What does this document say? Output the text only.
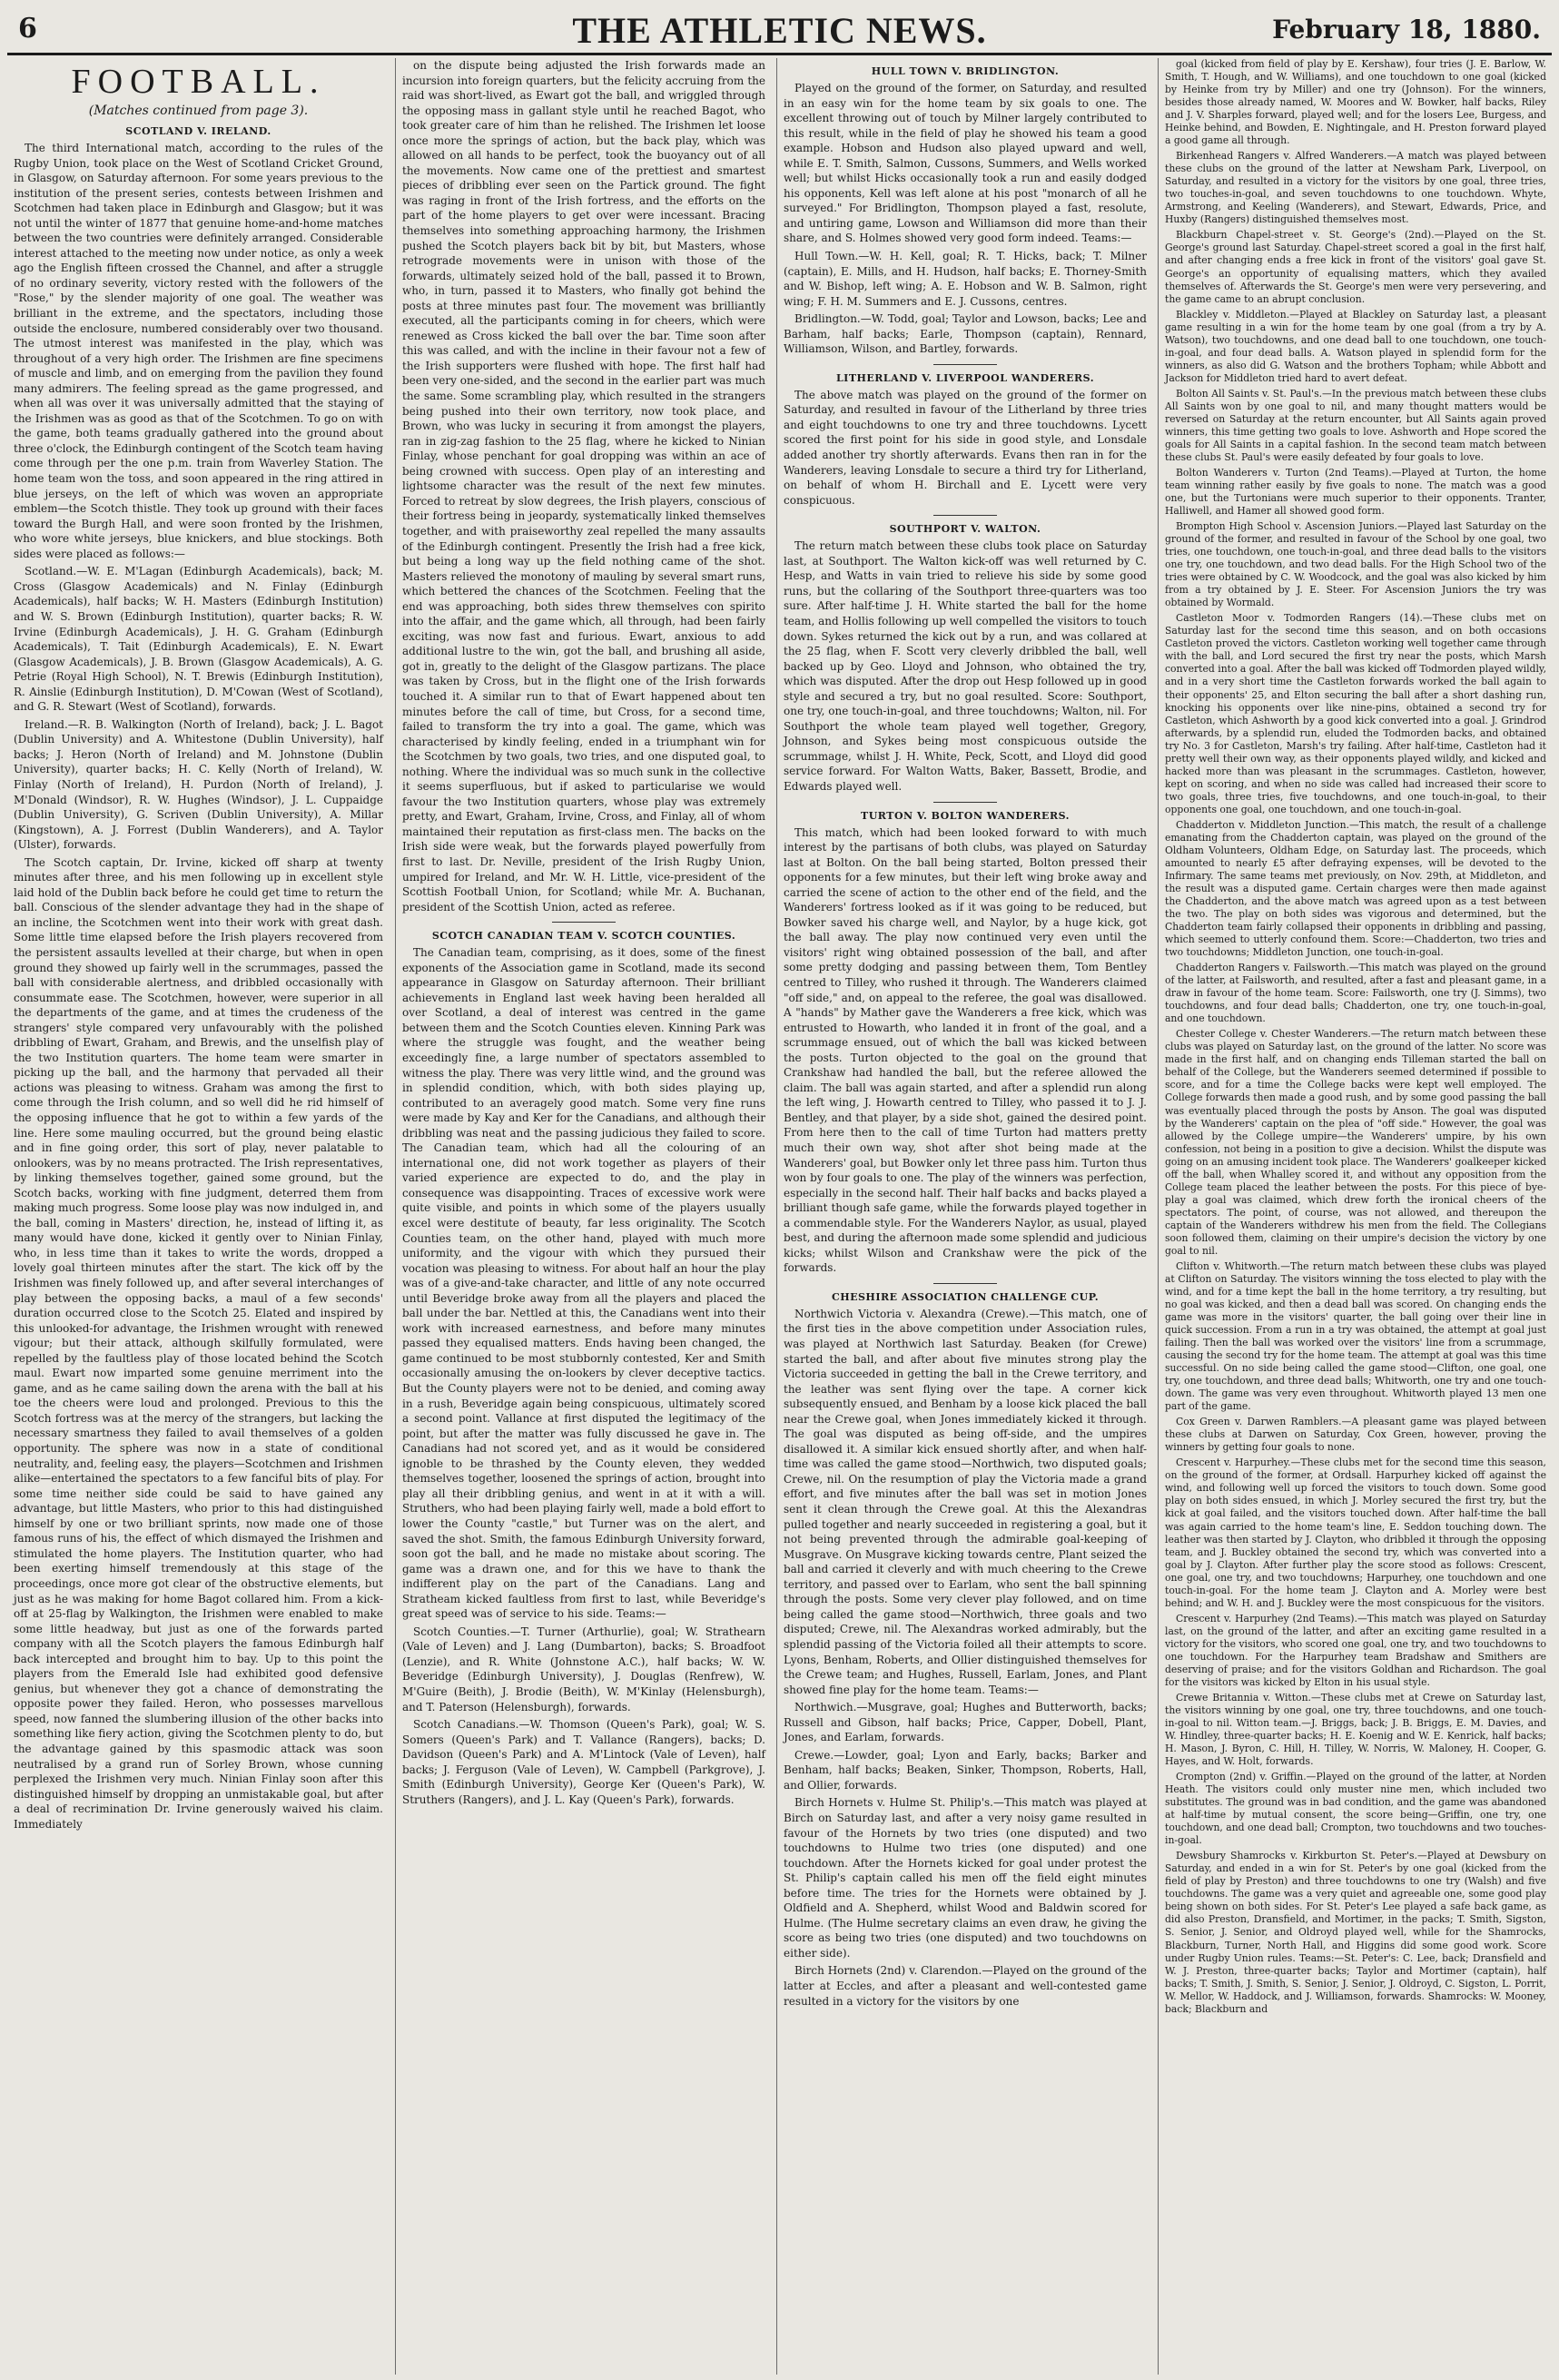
6	THE ATHLETIC NEWS.	February 18, 1880.
FOOTBALL.
(Matches continued from page 3).
SCOTLAND V. IRELAND.

The third International match, according to the rules of the Rugby Union, took place on the West of Scotland Cricket Ground, in Glasgow, on Saturday afternoon. For some years previous to the institution of the present series, contests between Irishmen and Scotchmen had taken place in Edinburgh and Glasgow; but it was not until the winter of 1877 that genuine home-and-home matches between the two countries were definitely arranged. Considerable interest attached to the meeting now under notice, as only a week ago the English fifteen crossed the Channel, and after a struggle of no ordinary severity, victory rested with the followers of the "Rose," by the slender majority of one goal. The weather was brilliant in the extreme, and the spectators, including those outside the enclosure, numbered considerably over two thousand. The utmost interest was manifested in the play, which was throughout of a very high order. The Irishmen are fine specimens of muscle and limb, and on emerging from the pavilion they found many admirers. The feeling spread as the game progressed, and when all was over it was universally admitted that the staying of the Irishmen was as good as that of the Scotchmen. To go on with the game, both teams gradually gathered into the ground about three o'clock, the Edinburgh contingent of the Scotch team having come through per the one p.m. train from Waverley Station. The home team won the toss, and soon appeared in the ring attired in blue jerseys, on the left of which was woven an appropriate emblem—the Scotch thistle. They took up ground with their faces toward the Burgh Hall, and were soon fronted by the Irishmen, who wore white jerseys, blue knickers, and blue stockings. Both sides were placed as follows:—

Scotland.—W. E. M'Lagan (Edinburgh Academicals), back; M. Cross (Glasgow Academicals) and N. Finlay (Edinburgh Academicals), half backs; W. H. Masters (Edinburgh Institution) and W. S. Brown (Edinburgh Institution), quarter backs; R. W. Irvine (Edinburgh Academicals), J. H. G. Graham (Edinburgh Academicals), T. Tait (Edinburgh Academicals), E. N. Ewart (Glasgow Academicals), J. B. Brown (Glasgow Academicals), A. G. Petrie (Royal High School), N. T. Brewis (Edinburgh Institution), R. Ainslie (Edinburgh Institution), D. M'Cowan (West of Scotland), and G. R. Stewart (West of Scotland), forwards.

Ireland.—R. B. Walkington (North of Ireland), back; J. L. Bagot (Dublin University) and A. Whitestone (Dublin University), half backs; J. Heron (North of Ireland) and M. Johnstone (Dublin University), quarter backs; H. C. Kelly (North of Ireland), W. Finlay (North of Ireland), H. Purdon (North of Ireland), J. M'Donald (Windsor), R. W. Hughes (Windsor), J. L. Cuppaidge (Dublin University), G. Scriven (Dublin University), A. Millar (Kingstown), A. J. Forrest (Dublin Wanderers), and A. Taylor (Ulster), forwards.

The Scotch captain, Dr. Irvine, kicked off sharp at twenty minutes after three, and his men following up in excellent style laid hold of the Dublin back before he could get time to return the ball. Conscious of the slender advantage they had in the shape of an incline, the Scotchmen went into their work with great dash. Some little time elapsed before the Irish players recovered from the persistent assaults levelled at their charge, but when in open ground they showed up fairly well in the scrummages, passed the ball with considerable alertness, and dribbled occasionally with consummate ease. The Scotchmen, however, were superior in all the departments of the game, and at times the crudeness of the strangers' style compared very unfavourably with the polished dribbling of Ewart, Graham, and Brewis, and the unselfish play of the two Institution quarters. The home team were smarter in picking up the ball, and the harmony that pervaded all their actions was pleasing to witness. Graham was among the first to come through the Irish column, and so well did he rid himself of the opposing influence that he got to within a few yards of the line. Here some mauling occurred, but the ground being elastic and in fine going order, this sort of play, never palatable to onlookers, was by no means protracted. The Irish representatives, by linking themselves together, gained some ground, but the Scotch backs, working with fine judgment, deterred them from making much progress. Some loose play was now indulged in, and the ball, coming in Masters' direction, he, instead of lifting it, as many would have done, kicked it gently over to Ninian Finlay, who, in less time than it takes to write the words, dropped a lovely goal thirteen minutes after the start. The kick off by the Irishmen was finely followed up, and after several interchanges of play between the opposing backs, a maul of a few seconds' duration occurred close to the Scotch 25. Elated and inspired by this unlooked-for advantage, the Irishmen wrought with renewed vigour; but their attack, although skilfully formulated, were repelled by the faultless play of those located behind the Scotch maul. Ewart now imparted some genuine merriment into the game, and as he came sailing down the arena with the ball at his toe the cheers were loud and prolonged. Previous to this the Scotch fortress was at the mercy of the strangers, but lacking the necessary smartness they failed to avail themselves of a golden opportunity. The sphere was now in a state of conditional neutrality, and, feeling easy, the players—Scotchmen and Irishmen alike—entertained the spectators to a few fanciful bits of play. For some time neither side could be said to have gained any advantage, but little Masters, who prior to this had distinguished himself by one or two brilliant sprints, now made one of those famous runs of his, the effect of which dismayed the Irishmen and stimulated the home players. The Institution quarter, who had been exerting himself tremendously at this stage of the proceedings, once more got clear of the obstructive elements, but just as he was making for home Bagot collared him. From a kick-off at 25-flag by Walkington, the Irishmen were enabled to make some little headway, but just as one of the forwards parted company with all the Scotch players the famous Edinburgh half back intercepted and brought him to bay. Up to this point the players from the Emerald Isle had exhibited good defensive genius, but whenever they got a chance of demonstrating the opposite power they failed. Heron, who possesses marvellous speed, now fanned the slumbering illusion of the other backs into something like fiery action, giving the Scotchmen plenty to do, but the advantage gained by this spasmodic attack was soon neutralised by a grand run of Sorley Brown, whose cunning perplexed the Irishmen very much. Ninian Finlay soon after this distinguished himself by dropping an unmistakable goal, but after a deal of recrimination Dr. Irvine generously waived his claim. Immediately

on the dispute being adjusted the Irish forwards made an incursion into foreign quarters, but the felicity accruing from the raid was short-lived, as Ewart got the ball, and wriggled through the opposing mass in gallant style until he reached Bagot, who took greater care of him than he relished. The Irishmen let loose once more the springs of action, but the back play, which was allowed on all hands to be perfect, took the buoyancy out of all the movements. Now came one of the prettiest and smartest pieces of dribbling ever seen on the Partick ground. The fight was raging in front of the Irish fortress, and the efforts on the part of the home players to get over were incessant. Bracing themselves into something approaching harmony, the Irishmen pushed the Scotch players back bit by bit, but Masters, whose retrograde movements were in unison with those of the forwards, ultimately seized hold of the ball, passed it to Brown, who, in turn, passed it to Masters, who finally got behind the posts at three minutes past four. The movement was brilliantly executed, all the participants coming in for cheers, which were renewed as Cross kicked the ball over the bar. Time soon after this was called, and with the incline in their favour not a few of the Irish supporters were flushed with hope. The first half had been very one-sided, and the second in the earlier part was much the same. Some scrambling play, which resulted in the strangers being pushed into their own territory, now took place, and Brown, who was lucky in securing it from amongst the players, ran in zig-zag fashion to the 25 flag, where he kicked to Ninian Finlay, whose penchant for goal dropping was within an ace of being crowned with success. Open play of an interesting and lightsome character was the result of the next few minutes. Forced to retreat by slow degrees, the Irish players, conscious of their fortress being in jeopardy, systematically linked themselves together, and with praiseworthy zeal repelled the many assaults of the Edinburgh contingent. Presently the Irish had a free kick, but being a long way up the field nothing came of the shot. Masters relieved the monotony of mauling by several smart runs, which bettered the chances of the Scotchmen. Feeling that the end was approaching, both sides threw themselves con spirito into the affair, and the game which, all through, had been fairly exciting, was now fast and furious. Ewart, anxious to add additional lustre to the win, got the ball, and brushing all aside, got in, greatly to the delight of the Glasgow partizans. The place was taken by Cross, but in the flight one of the Irish forwards touched it. A similar run to that of Ewart happened about ten minutes before the call of time, but Cross, for a second time, failed to transform the try into a goal. The game, which was characterised by kindly feeling, ended in a triumphant win for the Scotchmen by two goals, two tries, and one disputed goal, to nothing. Where the individual was so much sunk in the collective it seems superfluous, but if asked to particularise we would favour the two Institution quarters, whose play was extremely pretty, and Ewart, Graham, Irvine, Cross, and Finlay, all of whom maintained their reputation as first-class men. The backs on the Irish side were weak, but the forwards played powerfully from first to last. Dr. Neville, president of the Irish Rugby Union, umpired for Ireland, and Mr. W. H. Little, vice-president of the Scottish Football Union, for Scotland; while Mr. A. Buchanan, president of the Scottish Union, acted as referee.

SCOTCH CANADIAN TEAM V. SCOTCH COUNTIES.

The Canadian team, comprising, as it does, some of the finest exponents of the Association game in Scotland, made its second appearance in Glasgow on Saturday afternoon. Their brilliant achievements in England last week having been heralded all over Scotland, a deal of interest was centred in the game between them and the Scotch Counties eleven. Kinning Park was where the struggle was fought, and the weather being exceedingly fine, a large number of spectators assembled to witness the play. There was very little wind, and the ground was in splendid condition, which, with both sides playing up, contributed to an averagely good match. Some very fine runs were made by Kay and Ker for the Canadians, and although their dribbling was neat and the passing judicious they failed to score. The Canadian team, which had all the colouring of an international one, did not work together as players of their varied experience are expected to do, and the play in consequence was disappointing. Traces of excessive work were quite visible, and points in which some of the players usually excel were destitute of beauty, far less originality. The Scotch Counties team, on the other hand, played with much more uniformity, and the vigour with which they pursued their vocation was pleasing to witness. For about half an hour the play was of a give-and-take character, and little of any note occurred until Beveridge broke away from all the players and placed the ball under the bar. Nettled at this, the Canadians went into their work with increased earnestness, and before many minutes passed they equalised matters. Ends having been changed, the game continued to be most stubbornly contested, Ker and Smith occasionally amusing the on-lookers by clever deceptive tactics. But the County players were not to be denied, and coming away in a rush, Beveridge again being conspicuous, ultimately scored a second point. Vallance at first disputed the legitimacy of the point, but after the matter was fully discussed he gave in. The Canadians had not scored yet, and as it would be considered ignoble to be thrashed by the County eleven, they wedded themselves together, loosened the springs of action, brought into play all their dribbling genius, and went in at it with a will. Struthers, who had been playing fairly well, made a bold effort to lower the County "castle," but Turner was on the alert, and saved the shot. Smith, the famous Edinburgh University forward, soon got the ball, and he made no mistake about scoring. The game was a drawn one, and for this we have to thank the indifferent play on the part of the Canadians. Lang and Stratheam kicked faultless from first to last, while Beveridge's great speed was of service to his side. Teams:—

Scotch Counties.—T. Turner (Arthurlie), goal; W. Strathearn (Vale of Leven) and J. Lang (Dumbarton), backs; S. Broadfoot (Lenzie), and R. White (Johnstone A.C.), half backs; W. W. Beveridge (Edinburgh University), J. Douglas (Renfrew), W. M'Guire (Beith), J. Brodie (Beith), W. M'Kinlay (Helensburgh), and T. Paterson (Helensburgh), forwards.

Scotch Canadians.—W. Thomson (Queen's Park), goal; W. S. Somers (Queen's Park) and T. Vallance (Rangers), backs; D. Davidson (Queen's Park) and A. M'Lintock (Vale of Leven), half backs; J. Ferguson (Vale of Leven), W. Campbell (Parkgrove), J. Smith (Edinburgh University), George Ker (Queen's Park), W. Struthers (Rangers), and J. L. Kay (Queen's Park), forwards.

HULL TOWN V. BRIDLINGTON.

Played on the ground of the former, on Saturday, and resulted in an easy win for the home team by six goals to one. The excellent throwing out of touch by Milner largely contributed to this result, while in the field of play he showed his team a good example. Hobson and Hudson also played upward and well, while E. T. Smith, Salmon, Cussons, Summers, and Wells worked well; but whilst Hicks occasionally took a run and easily dodged his opponents, Kell was left alone at his post "monarch of all he surveyed." For Bridlington, Thompson played a fast, resolute, and untiring game, Lowson and Williamson did more than their share, and S. Holmes showed very good form indeed. Teams:—

Hull Town.—W. H. Kell, goal; R. T. Hicks, back; T. Milner (captain), E. Mills, and H. Hudson, half backs; E. Thorney-Smith and W. Bishop, left wing; A. E. Hobson and W. B. Salmon, right wing; F. H. M. Summers and E. J. Cussons, centres.

Bridlington.—W. Todd, goal; Taylor and Lowson, backs; Lee and Barham, half backs; Earle, Thompson (captain), Rennard, Williamson, Wilson, and Bartley, forwards.

LITHERLAND V. LIVERPOOL WANDERERS.

The above match was played on the ground of the former on Saturday, and resulted in favour of the Litherland by three tries and eight touchdowns to one try and three touchdowns. Lycett scored the first point for his side in good style, and Lonsdale added another try shortly afterwards. Evans then ran in for the Wanderers, leaving Lonsdale to secure a third try for Litherland, on behalf of whom H. Birchall and E. Lycett were very conspicuous.

SOUTHPORT V. WALTON.

The return match between these clubs took place on Saturday last, at Southport. The Walton kick-off was well returned by C. Hesp, and Watts in vain tried to relieve his side by some good runs, but the collaring of the Southport three-quarters was too sure. After half-time J. H. White started the ball for the home team, and Hollis following up well compelled the visitors to touch down. Sykes returned the kick out by a run, and was collared at the 25 flag, when F. Scott very cleverly dribbled the ball, well backed up by Geo. Lloyd and Johnson, who obtained the try, which was disputed. After the drop out Hesp followed up in good style and secured a try, but no goal resulted. Score: Southport, one try, one touch-in-goal, and three touchdowns; Walton, nil. For Southport the whole team played well together, Gregory, Johnson, and Sykes being most conspicuous outside the scrummage, whilst J. H. White, Peck, Scott, and Lloyd did good service forward. For Walton Watts, Baker, Bassett, Brodie, and Edwards played well.

TURTON V. BOLTON WANDERERS.

This match, which had been looked forward to with much interest by the partisans of both clubs, was played on Saturday last at Bolton. On the ball being started, Bolton pressed their opponents for a few minutes, but their left wing broke away and carried the scene of action to the other end of the field, and the Wanderers' fortress looked as if it was going to be reduced, but Bowker saved his charge well, and Naylor, by a huge kick, got the ball away. The play now continued very even until the visitors' right wing obtained possession of the ball, and after some pretty dodging and passing between them, Tom Bentley centred to Tilley, who rushed it through. The Wanderers claimed "off side," and, on appeal to the referee, the goal was disallowed. A "hands" by Mather gave the Wanderers a free kick, which was entrusted to Howarth, who landed it in front of the goal, and a scrummage ensued, out of which the ball was kicked between the posts. Turton objected to the goal on the ground that Crankshaw had handled the ball, but the referee allowed the claim. The ball was again started, and after a splendid run along the left wing, J. Howarth centred to Tilley, who passed it to J. J. Bentley, and that player, by a side shot, gained the desired point. From here then to the call of time Turton had matters pretty much their own way, shot after shot being made at the Wanderers' goal, but Bowker only let three pass him. Turton thus won by four goals to one. The play of the winners was perfection, especially in the second half. Their half backs and backs played a brilliant though safe game, while the forwards played together in a commendable style. For the Wanderers Naylor, as usual, played best, and during the afternoon made some splendid and judicious kicks; whilst Wilson and Crankshaw were the pick of the forwards.

CHESHIRE ASSOCIATION CHALLENGE CUP.

Northwich Victoria v. Alexandra (Crewe).—This match, one of the first ties in the above competition under Association rules, was played at Northwich last Saturday. Beaken (for Crewe) started the ball, and after about five minutes strong play the Victoria succeeded in getting the ball in the Crewe territory, and the leather was sent flying over the tape. A corner kick subsequently ensued, and Benham by a loose kick placed the ball near the Crewe goal, when Jones immediately kicked it through. The goal was disputed as being off-side, and the umpires disallowed it. A similar kick ensued shortly after, and when half-time was called the game stood—Northwich, two disputed goals; Crewe, nil. On the resumption of play the Victoria made a grand effort, and five minutes after the ball was set in motion Jones sent it clean through the Crewe goal. At this the Alexandras pulled together and nearly succeeded in registering a goal, but it not being prevented through the admirable goal-keeping of Musgrave. On Musgrave kicking towards centre, Plant seized the ball and carried it cleverly and with much cheering to the Crewe territory, and passed over to Earlam, who sent the ball spinning through the posts. Some very clever play followed, and on time being called the game stood—Northwich, three goals and two disputed; Crewe, nil. The Alexandras worked admirably, but the splendid passing of the Victoria foiled all their attempts to score. Lyons, Benham, Roberts, and Ollier distinguished themselves for the Crewe team; and Hughes, Russell, Earlam, Jones, and Plant showed fine play for the home team. Teams:—

Northwich.—Musgrave, goal; Hughes and Butterworth, backs; Russell and Gibson, half backs; Price, Capper, Dobell, Plant, Jones, and Earlam, forwards.

Crewe.—Lowder, goal; Lyon and Early, backs; Barker and Benham, half backs; Beaken, Sinker, Thompson, Roberts, Hall, and Ollier, forwards.

Birch Hornets v. Hulme St. Philip's.—This match was played at Birch on Saturday last, and after a very noisy game resulted in favour of the Hornets by two tries (one disputed) and two touchdowns to Hulme two tries (one disputed) and one touchdown. After the Hornets kicked for goal under protest the St. Philip's captain called his men off the field eight minutes before time. The tries for the Hornets were obtained by J. Oldfield and A. Shepherd, whilst Wood and Baldwin scored for Hulme. (The Hulme secretary claims an even draw, he giving the score as being two tries (one disputed) and two touchdowns on either side).

Birch Hornets (2nd) v. Clarendon.—Played on the ground of the latter at Eccles, and after a pleasant and well-contested game resulted in a victory for the visitors by one

goal (kicked from field of play by E. Kershaw), four tries (J. E. Barlow, W. Smith, T. Hough, and W. Williams), and one touchdown to one goal (kicked by Heinke from try by Miller) and one try (Johnson). For the winners, besides those already named, W. Moores and W. Bowker, half backs, Riley and J. V. Sharples forward, played well; and for the losers Lee, Burgess, and Heinke behind, and Bowden, E. Nightingale, and H. Preston forward played a good game all through.

Birkenhead Rangers v. Alfred Wanderers.—A match was played between these clubs on the ground of the latter at Newsham Park, Liverpool, on Saturday, and resulted in a victory for the visitors by one goal, three tries, two touches-in-goal, and seven touchdowns to one touchdown. Whyte, Armstrong, and Keeling (Wanderers), and Stewart, Edwards, Price, and Huxby (Rangers) distinguished themselves most.

Blackburn Chapel-street v. St. George's (2nd).—Played on the St. George's ground last Saturday. Chapel-street scored a goal in the first half, and after changing ends a free kick in front of the visitors' goal gave St. George's an opportunity of equalising matters, which they availed themselves of. Afterwards the St. George's men were very persevering, and the game came to an abrupt conclusion.

Blackley v. Middleton.—Played at Blackley on Saturday last, a pleasant game resulting in a win for the home team by one goal (from a try by A. Watson), two touchdowns, and one dead ball to one touchdown, one touch-in-goal, and four dead balls. A. Watson played in splendid form for the winners, as also did G. Watson and the brothers Topham; while Abbott and Jackson for Middleton tried hard to avert defeat.

Bolton All Saints v. St. Paul's.—In the previous match between these clubs All Saints won by one goal to nil, and many thought matters would be reversed on Saturday at the return encounter, but All Saints again proved winners, this time getting two goals to love. Ashworth and Hope scored the goals for All Saints in a capital fashion. In the second team match between these clubs St. Paul's were easily defeated by four goals to love.

Bolton Wanderers v. Turton (2nd Teams).—Played at Turton, the home team winning rather easily by five goals to none. The match was a good one, but the Turtonians were much superior to their opponents. Tranter, Halliwell, and Hamer all showed good form.

Brompton High School v. Ascension Juniors.—Played last Saturday on the ground of the former, and resulted in favour of the School by one goal, two tries, one touchdown, one touch-in-goal, and three dead balls to the visitors one try, one touchdown, and two dead balls. For the High School two of the tries were obtained by C. W. Woodcock, and the goal was also kicked by him from a try obtained by J. E. Steer. For Ascension Juniors the try was obtained by Wormald.

Castleton Moor v. Todmorden Rangers (14).—These clubs met on Saturday last for the second time this season, and on both occasions Castleton proved the victors. Castleton working well together came through with the ball, and Lord secured the first try near the posts, which Marsh converted into a goal. After the ball was kicked off Todmorden played wildly, and in a very short time the Castleton forwards worked the ball again to their opponents' 25, and Elton securing the ball after a short dashing run, knocking his opponents over like nine-pins, obtained a second try for Castleton, which Ashworth by a good kick converted into a goal. J. Grindrod afterwards, by a splendid run, eluded the Todmorden backs, and obtained try No. 3 for Castleton, Marsh's try failing. After half-time, Castleton had it pretty well their own way, as their opponents played wildly, and kicked and hacked more than was pleasant in the scrummages. Castleton, however, kept on scoring, and when no side was called had increased their score to two goals, three tries, five touchdowns, and one touch-in-goal, to their opponents one goal, one touchdown, and one touch-in-goal.

Chadderton v. Middleton Junction.—This match, the result of a challenge emanating from the Chadderton captain, was played on the ground of the Oldham Volunteers, Oldham Edge, on Saturday last. The proceeds, which amounted to nearly £5 after defraying expenses, will be devoted to the Infirmary. The same teams met previously, on Nov. 29th, at Middleton, and the result was a disputed game. Certain charges were then made against the Chadderton, and the above match was agreed upon as a test between the two. The play on both sides was vigorous and determined, but the Chadderton team fairly collapsed their opponents in dribbling and passing, which seemed to utterly confound them. Score:—Chadderton, two tries and two touchdowns; Middleton Junction, one touch-in-goal.

Chadderton Rangers v. Failsworth.—This match was played on the ground of the latter, at Failsworth, and resulted, after a fast and pleasant game, in a draw in favour of the home team. Score: Failsworth, one try (J. Simms), two touchdowns, and four dead balls; Chadderton, one try, one touch-in-goal, and one touchdown.

Chester College v. Chester Wanderers.—The return match between these clubs was played on Saturday last, on the ground of the latter. No score was made in the first half, and on changing ends Tilleman started the ball on behalf of the College, but the Wanderers seemed determined if possible to score, and for a time the College backs were kept well employed. The College forwards then made a good rush, and by some good passing the ball was eventually placed through the posts by Anson. The goal was disputed by the Wanderers' captain on the plea of "off side." However, the goal was allowed by the College umpire—the Wanderers' umpire, by his own confession, not being in a position to give a decision. Whilst the dispute was going on an amusing incident took place. The Wanderers' goalkeeper kicked off the ball, when Whalley scored it, and without any opposition from the College team placed the leather between the posts. For this piece of bye-play a goal was claimed, which drew forth the ironical cheers of the spectators. The point, of course, was not allowed, and thereupon the captain of the Wanderers withdrew his men from the field. The Collegians soon followed them, claiming on their umpire's decision the victory by one goal to nil.

Clifton v. Whitworth.—The return match between these clubs was played at Clifton on Saturday. The visitors winning the toss elected to play with the wind, and for a time kept the ball in the home territory, a try resulting, but no goal was kicked, and then a dead ball was scored. On changing ends the game was more in the visitors' quarter, the ball going over their line in quick succession. From a run in a try was obtained, the attempt at goal just failing. Then the ball was worked over the visitors' line from a scrummage, causing the second try for the home team. The attempt at goal was this time successful. On no side being called the game stood—Clifton, one goal, one try, one touchdown, and three dead balls; Whitworth, one try and one touch-down. The game was very even throughout. Whitworth played 13 men one part of the game.

Cox Green v. Darwen Ramblers.—A pleasant game was played between these clubs at Darwen on Saturday, Cox Green, however, proving the winners by getting four goals to none.

Crescent v. Harpurhey.—These clubs met for the second time this season, on the ground of the former, at Ordsall. Harpurhey kicked off against the wind, and following well up forced the visitors to touch down. Some good play on both sides ensued, in which J. Morley secured the first try, but the kick at goal failed, and the visitors touched down. After half-time the ball was again carried to the home team's line, E. Seddon touching down. The leather was then started by J. Clayton, who dribbled it through the opposing team, and J. Buckley obtained the second try, which was converted into a goal by J. Clayton. After further play the score stood as follows: Crescent, one goal, one try, and two touchdowns; Harpurhey, one touchdown and one touch-in-goal. For the home team J. Clayton and A. Morley were best behind; and W. H. and J. Buckley were the most conspicuous for the visitors.

Crescent v. Harpurhey (2nd Teams).—This match was played on Saturday last, on the ground of the latter, and after an exciting game resulted in a victory for the visitors, who scored one goal, one try, and two touchdowns to one touchdown. For the Harpurhey team Bradshaw and Smithers are deserving of praise; and for the visitors Goldhan and Richardson. The goal for the visitors was kicked by Elton in his usual style.

Crewe Britannia v. Witton.—These clubs met at Crewe on Saturday last, the visitors winning by one goal, one try, three touchdowns, and one touch-in-goal to nil. Witton team.—J. Briggs, back; J. B. Briggs, E. M. Davies, and W. Hindley, three-quarter backs; H. E. Koenig and W. E. Kenrick, half backs; H. Mason, J. Byron, C. Hill, H. Tilley, W. Norris, W. Maloney, H. Cooper, G. Hayes, and W. Holt, forwards.

Crompton (2nd) v. Griffin.—Played on the ground of the latter, at Norden Heath. The visitors could only muster nine men, which included two substitutes. The ground was in bad condition, and the game was abandoned at half-time by mutual consent, the score being—Griffin, one try, one touchdown, and one dead ball; Crompton, two touchdowns and two touches-in-goal.

Dewsbury Shamrocks v. Kirkburton St. Peter's.—Played at Dewsbury on Saturday, and ended in a win for St. Peter's by one goal (kicked from the field of play by Preston) and three touchdowns to one try (Walsh) and five touchdowns. The game was a very quiet and agreeable one, some good play being shown on both sides. For St. Peter's Lee played a safe back game, as did also Preston, Dransfield, and Mortimer, in the packs; T. Smith, Sigston, S. Senior, J. Senior, and Oldroyd played well, while for the Shamrocks, Blackburn, Turner, North Hall, and Higgins did some good work. Score under Rugby Union rules. Teams:—St. Peter's: C. Lee, back; Dransfield and W. J. Preston, three-quarter backs; Taylor and Mortimer (captain), half backs; T. Smith, J. Smith, S. Senior, J. Senior, J. Oldroyd, C. Sigston, L. Porrit, W. Mellor, W. Haddock, and J. Williamson, forwards. Shamrocks: W. Mooney, back; Blackburn and
